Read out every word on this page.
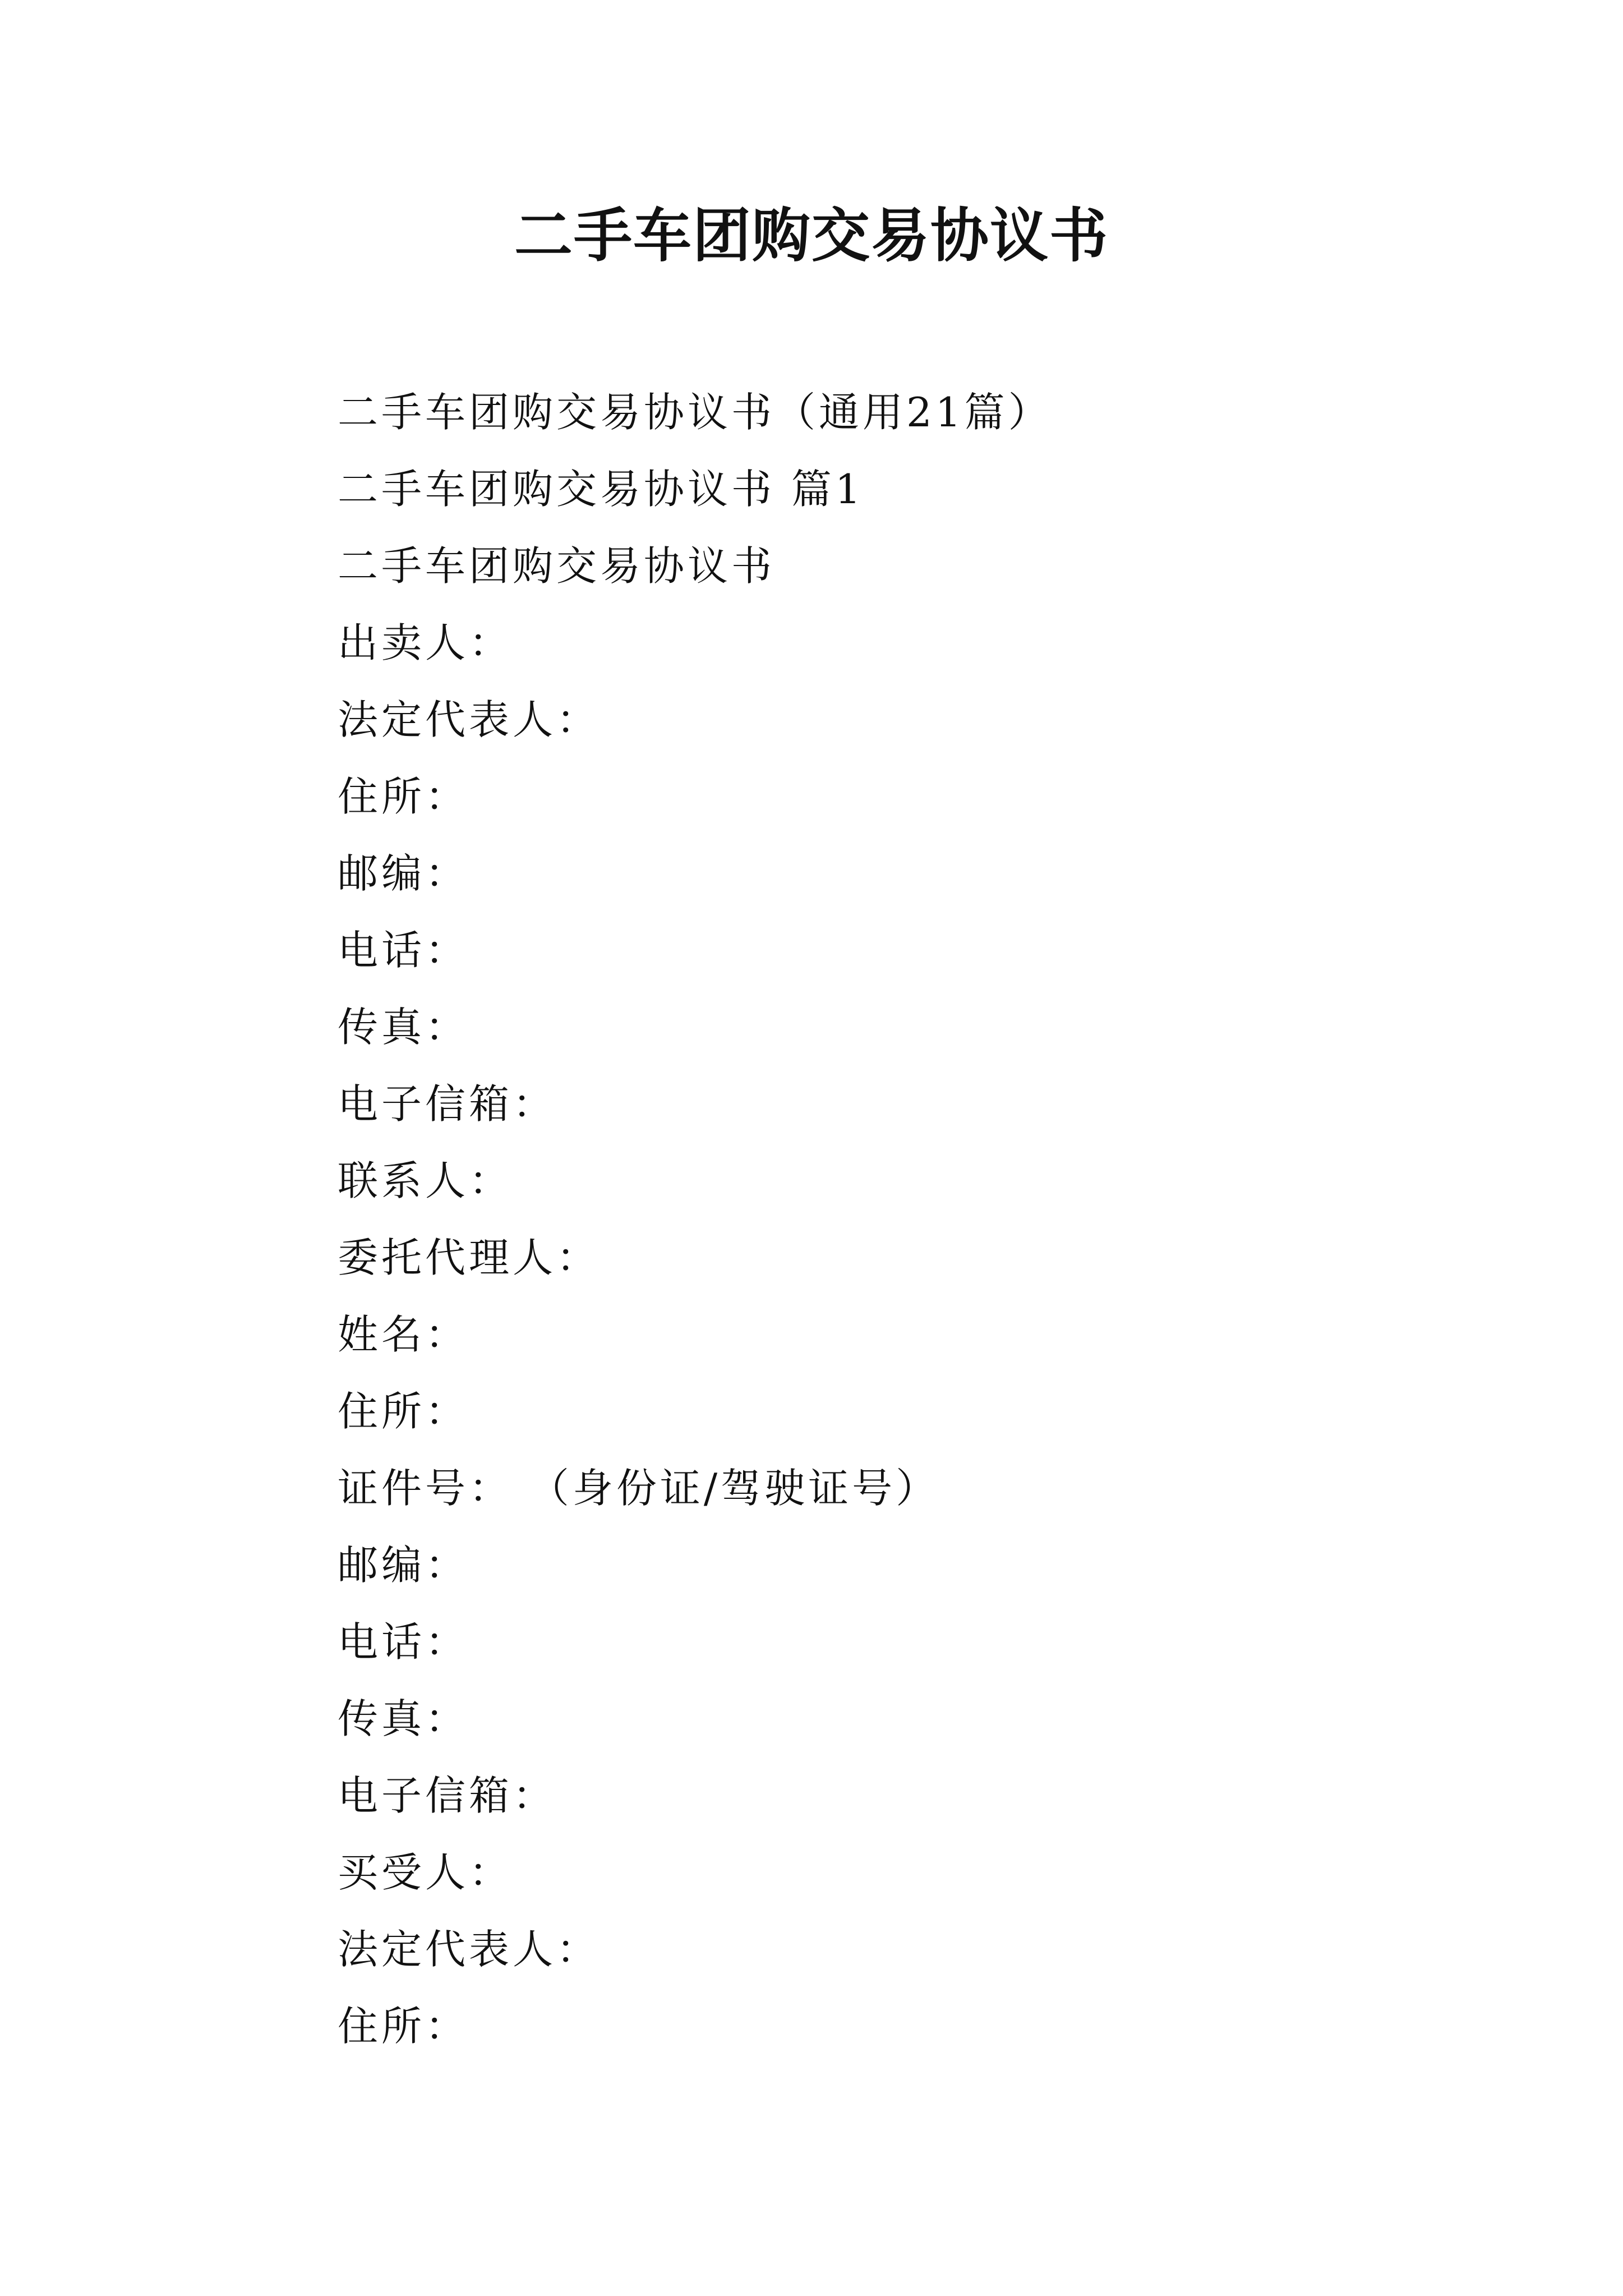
二手车团购交易协议书
二手车团购交易协议书（通用21篇）
二手车团购交易协议书 篇1
二手车团购交易协议书
出卖人：
法定代表人：
住所：
邮编：
电话：
传真：
电子信箱：
联系人：
委托代理人：
姓名：
住所：
证件号： （身份证/驾驶证号）
邮编：
电话：
传真：
电子信箱：
买受人：
法定代表人：
住所：
